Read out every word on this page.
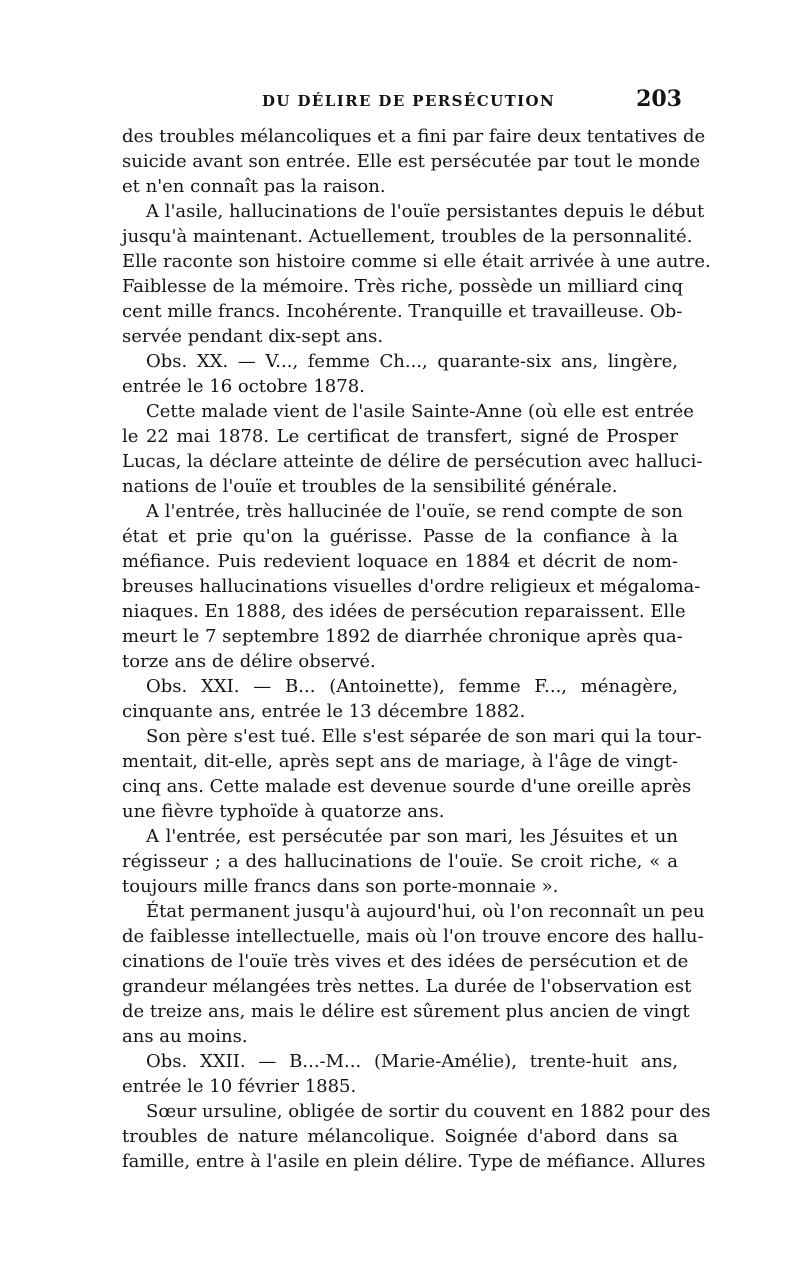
DU DÉLIRE DE PERSÉCUTION	203
des troubles mélancoliques et a fini par faire deux tentatives de
suicide avant son entrée. Elle est persécutée par tout le monde
et n'en connaît pas la raison.
A l'asile, hallucinations de l'ouïe persistantes depuis le début
jusqu'à maintenant. Actuellement, troubles de la personnalité.
Elle raconte son histoire comme si elle était arrivée à une autre.
Faiblesse de la mémoire. Très riche, possède un milliard cinq
cent mille francs. Incohérente. Tranquille et travailleuse. Ob-
servée pendant dix-sept ans.
Obs. XX. — V..., femme Ch..., quarante-six ans, lingère,
entrée le 16 octobre 1878.
Cette malade vient de l'asile Sainte-Anne (où elle est entrée
le 22 mai 1878. Le certificat de transfert, signé de Prosper
Lucas, la déclare atteinte de délire de persécution avec halluci-
nations de l'ouïe et troubles de la sensibilité générale.
A l'entrée, très hallucinée de l'ouïe, se rend compte de son
état et prie qu'on la guérisse. Passe de la confiance à la
méfiance. Puis redevient loquace en 1884 et décrit de nom-
breuses hallucinations visuelles d'ordre religieux et mégaloma-
niaques. En 1888, des idées de persécution reparaissent. Elle
meurt le 7 septembre 1892 de diarrhée chronique après qua-
torze ans de délire observé.
Obs. XXI. — B... (Antoinette), femme F..., ménagère,
cinquante ans, entrée le 13 décembre 1882.
Son père s'est tué. Elle s'est séparée de son mari qui la tour-
mentait, dit-elle, après sept ans de mariage, à l'âge de vingt-
cinq ans. Cette malade est devenue sourde d'une oreille après
une fièvre typhoïde à quatorze ans.
A l'entrée, est persécutée par son mari, les Jésuites et un
régisseur ; a des hallucinations de l'ouïe. Se croit riche, « a
toujours mille francs dans son porte-monnaie ».
État permanent jusqu'à aujourd'hui, où l'on reconnaît un peu
de faiblesse intellectuelle, mais où l'on trouve encore des hallu-
cinations de l'ouïe très vives et des idées de persécution et de
grandeur mélangées très nettes. La durée de l'observation est
de treize ans, mais le délire est sûrement plus ancien de vingt
ans au moins.
Obs. XXII. — B...-M... (Marie-Amélie), trente-huit ans,
entrée le 10 février 1885.
Sœur ursuline, obligée de sortir du couvent en 1882 pour des
troubles de nature mélancolique. Soignée d'abord dans sa
famille, entre à l'asile en plein délire. Type de méfiance. Allures
